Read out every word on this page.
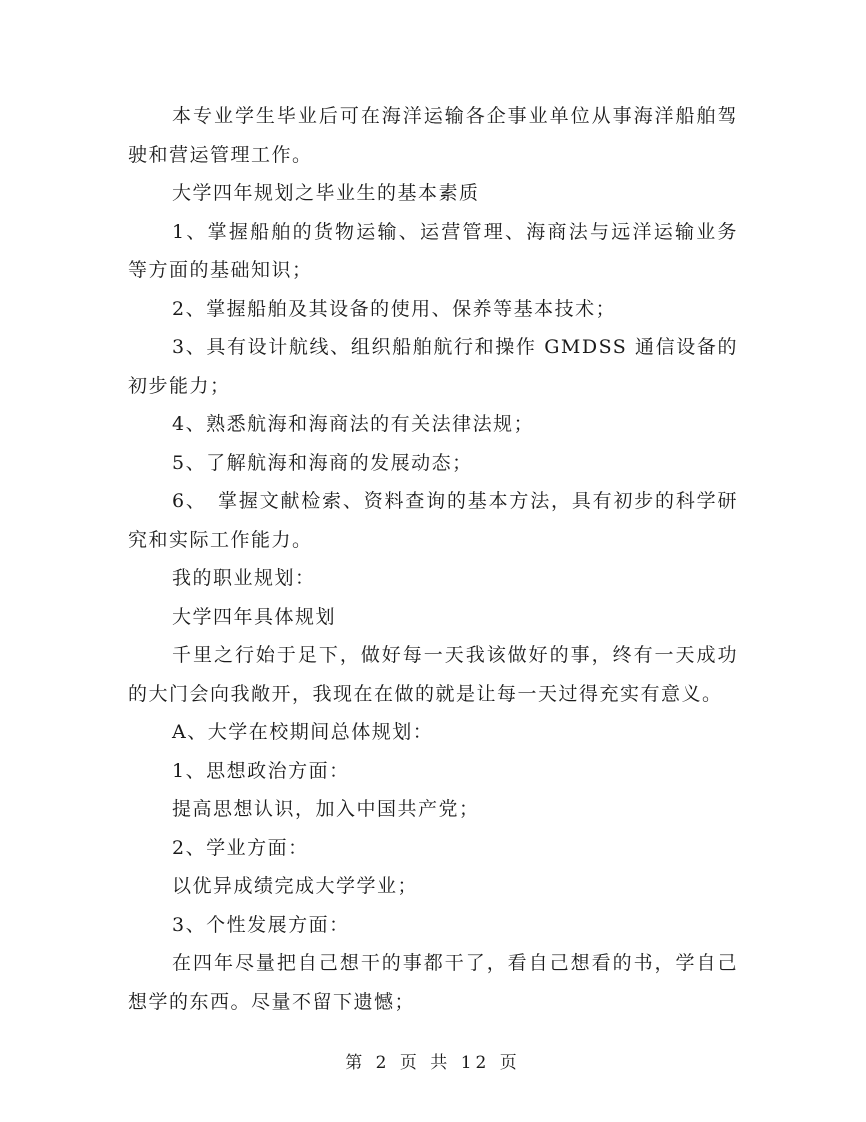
本专业学生毕业后可在海洋运输各企事业单位从事海洋船舶驾驶和营运管理工作。

大学四年规划之毕业生的基本素质

1、掌握船舶的货物运输、运营管理、海商法与远洋运输业务等方面的基础知识；

2、掌握船舶及其设备的使用、保养等基本技术；

3、具有设计航线、组织船舶航行和操作 GMDSS 通信设备的初步能力；

4、熟悉航海和海商法的有关法律法规；

5、了解航海和海商的发展动态；

6、　掌握文献检索、资料查询的基本方法，具有初步的科学研究和实际工作能力。

我的职业规划：

大学四年具体规划

千里之行始于足下，做好每一天我该做好的事，终有一天成功的大门会向我敞开，我现在在做的就是让每一天过得充实有意义。

A、大学在校期间总体规划：

1、思想政治方面：

提高思想认识，加入中国共产党；

2、学业方面：

以优异成绩完成大学学业；

3、个性发展方面：

在四年尽量把自己想干的事都干了，看自己想看的书，学自己想学的东西。尽量不留下遗憾；

第 2 页 共 12 页
